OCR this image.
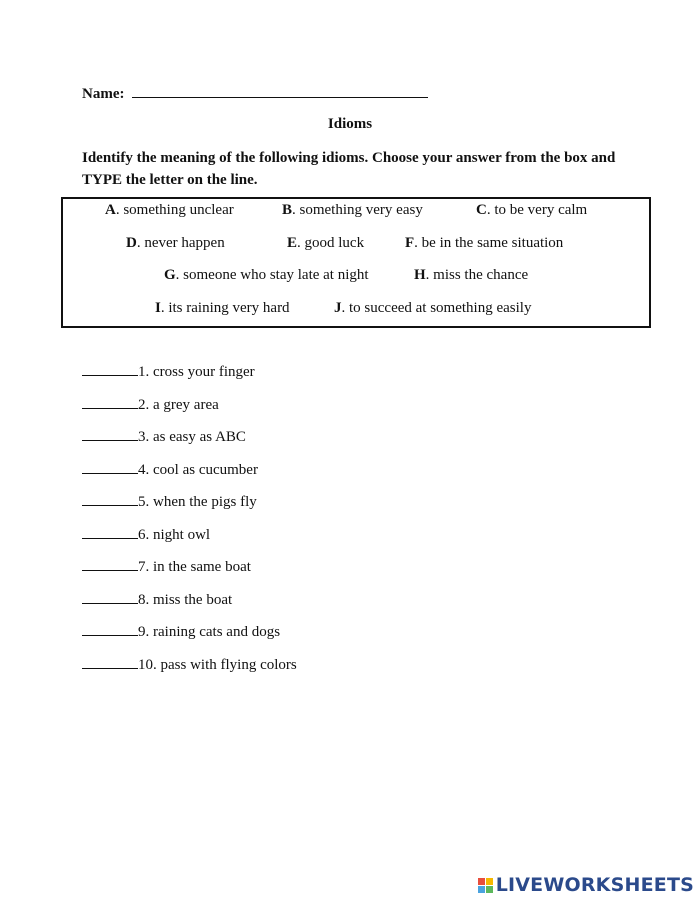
Name:
Idioms
Identify the meaning of the following idioms. Choose your answer from the box and TYPE the letter on the line.
A. something unclear	B. something very easy	C. to be very calm
D. never happen	E. good luck	F. be in the same situation
G. someone who stay late at night	H. miss the chance
I. its raining very hard	J. to succeed at something easily
1. cross your finger
2. a grey area
3. as easy as ABC
4. cool as cucumber
5. when the pigs fly
6. night owl
7. in the same boat
8. miss the boat
9. raining cats and dogs
10. pass with flying colors
LIVEWORKSHEETS
